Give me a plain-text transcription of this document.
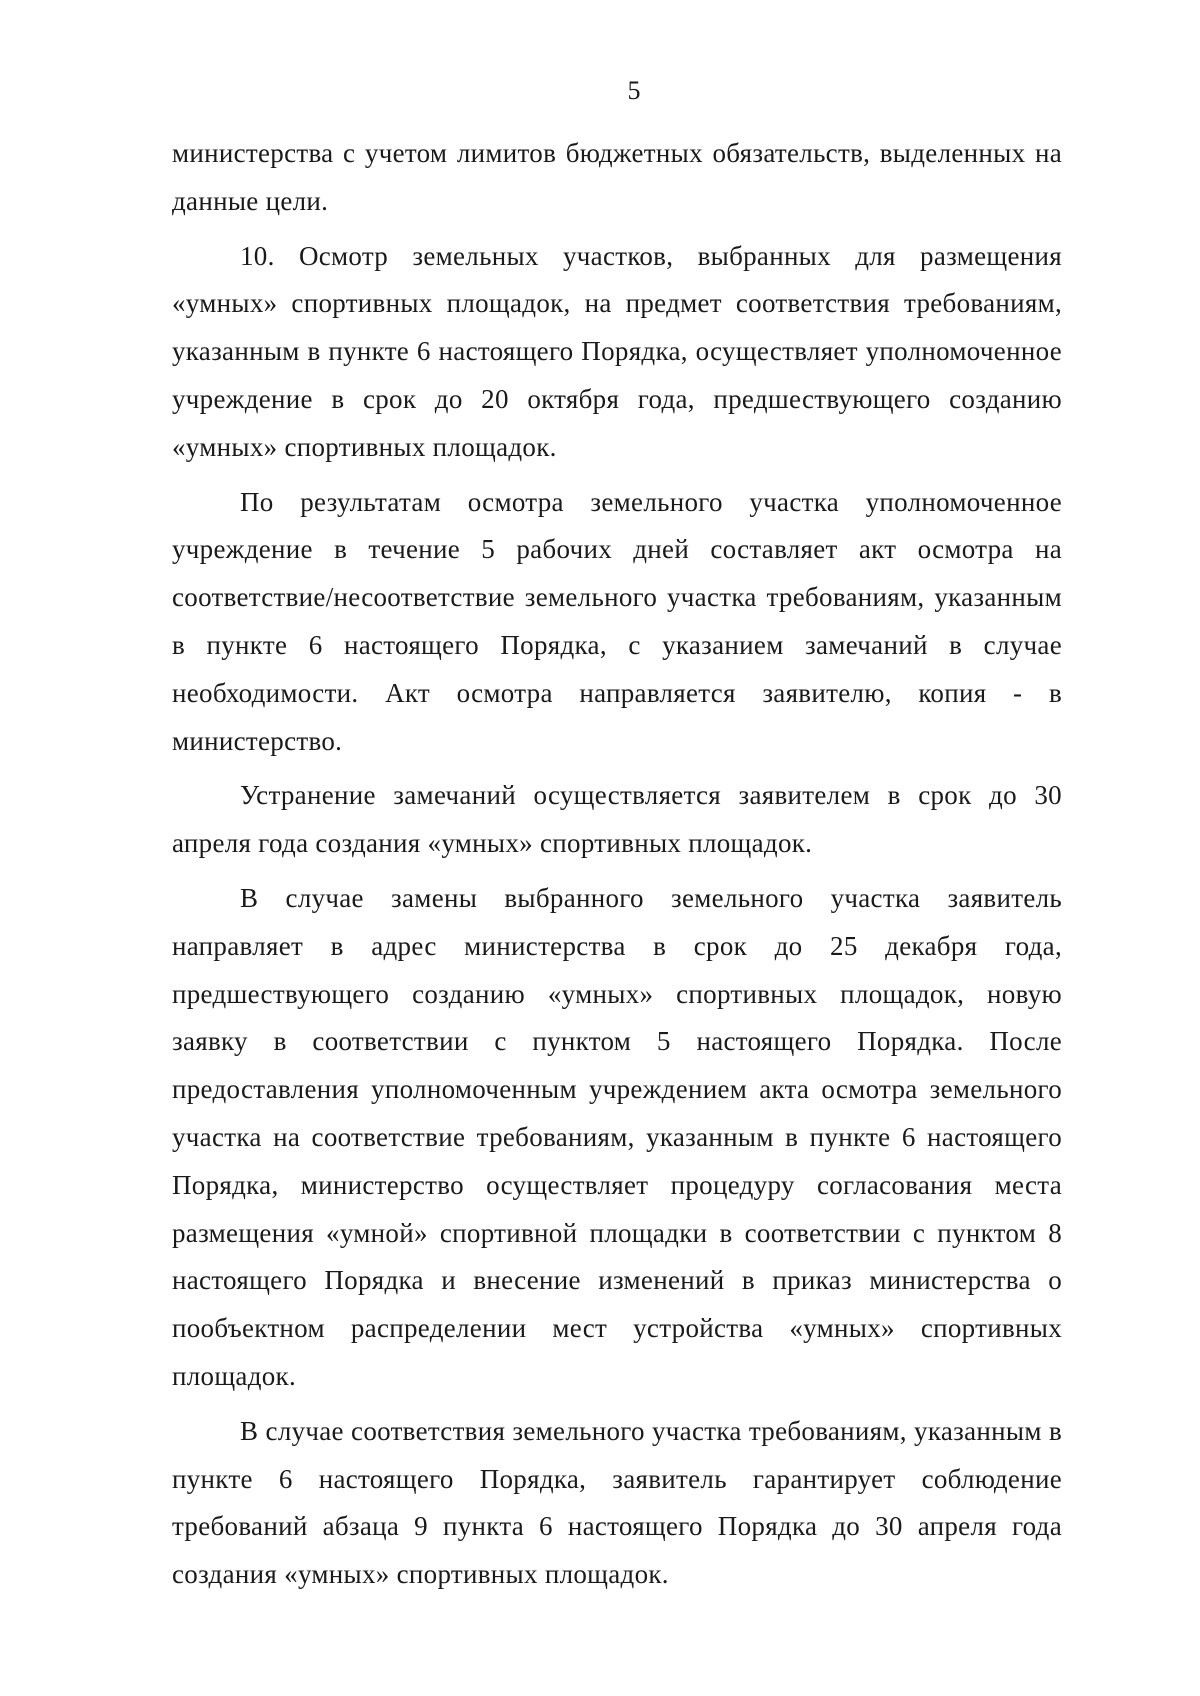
5

министерства с учетом лимитов бюджетных обязательств, выделенных на данные цели.

10. Осмотр земельных участков, выбранных для размещения «умных» спортивных площадок, на предмет соответствия требованиям, указанным в пункте 6 настоящего Порядка, осуществляет уполномоченное учреждение в срок до 20 октября года, предшествующего созданию «умных» спортивных площадок.

По результатам осмотра земельного участка уполномоченное учреждение в течение 5 рабочих дней составляет акт осмотра на соответствие/несоответствие земельного участка требованиям, указанным в пункте 6 настоящего Порядка, с указанием замечаний в случае необходимости. Акт осмотра направляется заявителю, копия - в министерство.

Устранение замечаний осуществляется заявителем в срок до 30 апреля года создания «умных» спортивных площадок.

В случае замены выбранного земельного участка заявитель направляет в адрес министерства в срок до 25 декабря года, предшествующего созданию «умных» спортивных площадок, новую заявку в соответствии с пунктом 5 настоящего Порядка. После предоставления уполномоченным учреждением акта осмотра земельного участка на соответствие требованиям, указанным в пункте 6 настоящего Порядка, министерство осуществляет процедуру согласования места размещения «умной» спортивной площадки в соответствии с пунктом 8 настоящего Порядка и внесение изменений в приказ министерства о пообъектном распределении мест устройства «умных» спортивных площадок.

В случае соответствия земельного участка требованиям, указанным в пункте 6 настоящего Порядка, заявитель гарантирует соблюдение требований абзаца 9 пункта 6 настоящего Порядка до 30 апреля года создания «умных» спортивных площадок.
